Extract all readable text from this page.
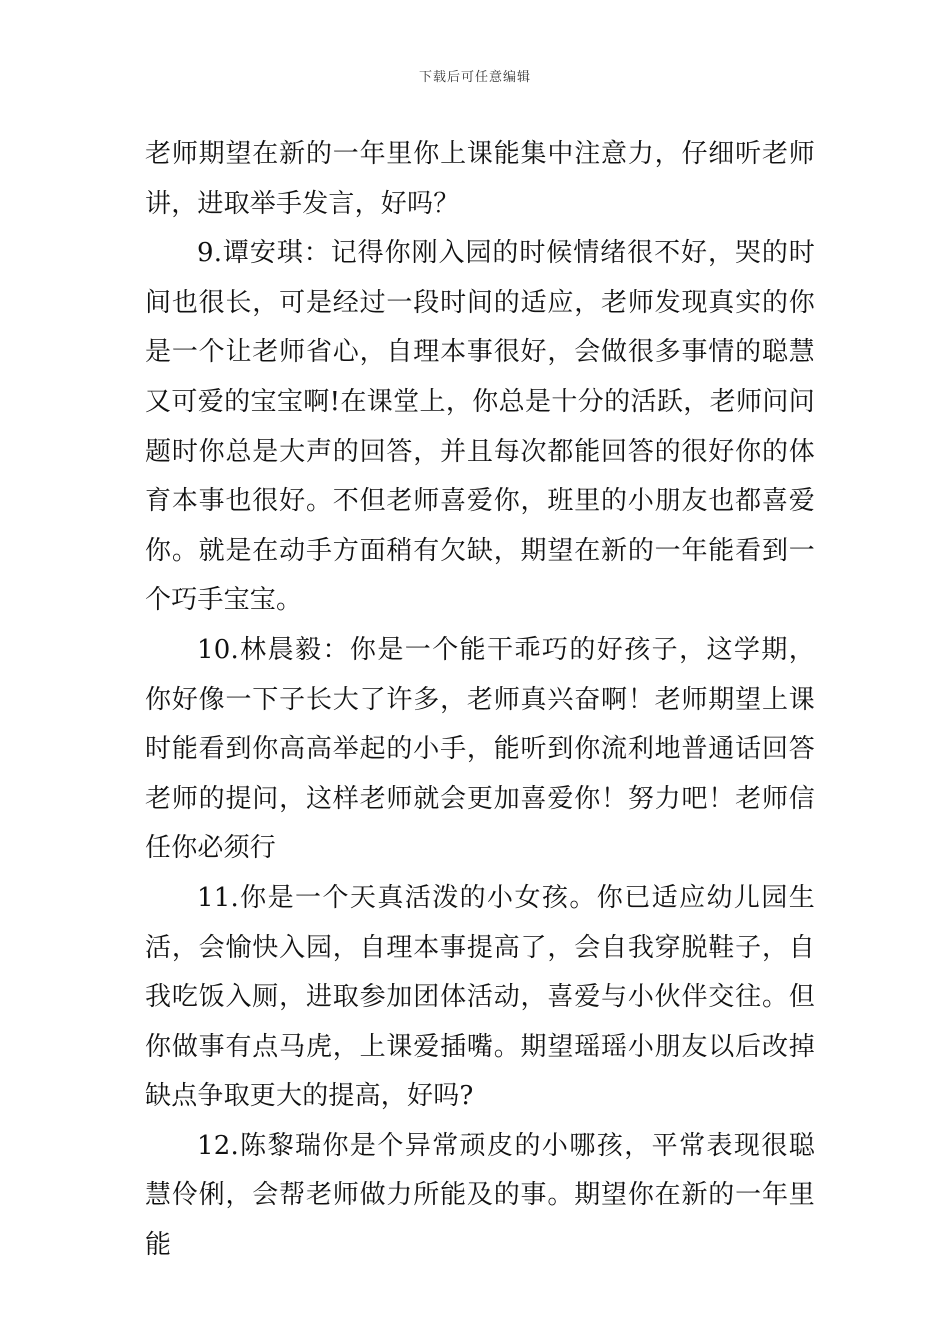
下载后可任意编辑

老师期望在新的一年里你上课能集中注意力，仔细听老师讲，进取举手发言，好吗？

9.谭安琪：记得你刚入园的时候情绪很不好，哭的时间也很长，可是经过一段时间的适应，老师发现真实的你是一个让老师省心，自理本事很好，会做很多事情的聪慧又可爱的宝宝啊!在课堂上，你总是十分的活跃，老师问问题时你总是大声的回答，并且每次都能回答的很好你的体育本事也很好。不但老师喜爱你，班里的小朋友也都喜爱你。就是在动手方面稍有欠缺，期望在新的一年能看到一个巧手宝宝。

10.林晨毅：你是一个能干乖巧的好孩子，这学期，你好像一下子长大了许多，老师真兴奋啊！老师期望上课时能看到你高高举起的小手，能听到你流利地普通话回答老师的提问，这样老师就会更加喜爱你！努力吧！老师信任你必须行

11.你是一个天真活泼的小女孩。你已适应幼儿园生活，会愉快入园，自理本事提高了，会自我穿脱鞋子，自我吃饭入厕，进取参加团体活动，喜爱与小伙伴交往。但你做事有点马虎，上课爱插嘴。期望瑶瑶小朋友以后改掉缺点争取更大的提高，好吗?

12.陈黎瑞你是个异常顽皮的小哪孩，平常表现很聪慧伶俐，会帮老师做力所能及的事。期望你在新的一年里能
